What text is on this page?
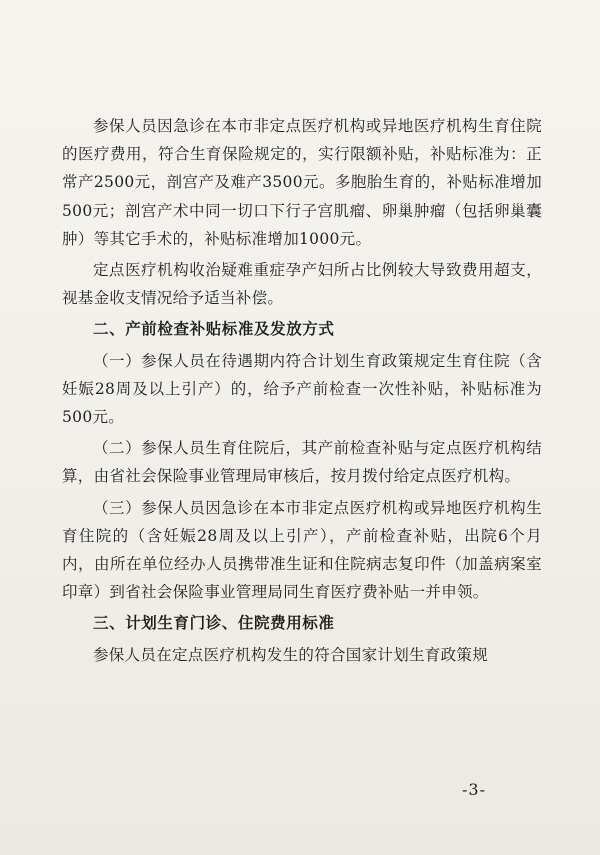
参保人员因急诊在本市非定点医疗机构或异地医疗机构生育住院的医疗费用，符合生育保险规定的，实行限额补贴，补贴标准为：正常产2500元，剖宫产及难产3500元。多胞胎生育的，补贴标准增加500元；剖宫产术中同一切口下行子宫肌瘤、卵巢肿瘤（包括卵巢囊肿）等其它手术的，补贴标准增加1000元。

定点医疗机构收治疑难重症孕产妇所占比例较大导致费用超支，视基金收支情况给予适当补偿。

二、产前检查补贴标准及发放方式

（一）参保人员在待遇期内符合计划生育政策规定生育住院（含妊娠28周及以上引产）的，给予产前检查一次性补贴，补贴标准为500元。

（二）参保人员生育住院后，其产前检查补贴与定点医疗机构结算，由省社会保险事业管理局审核后，按月拨付给定点医疗机构。

（三）参保人员因急诊在本市非定点医疗机构或异地医疗机构生育住院的（含妊娠28周及以上引产），产前检查补贴，出院6个月内，由所在单位经办人员携带准生证和住院病志复印件（加盖病案室印章）到省社会保险事业管理局同生育医疗费补贴一并申领。

三、计划生育门诊、住院费用标准

参保人员在定点医疗机构发生的符合国家计划生育政策规

-3-
